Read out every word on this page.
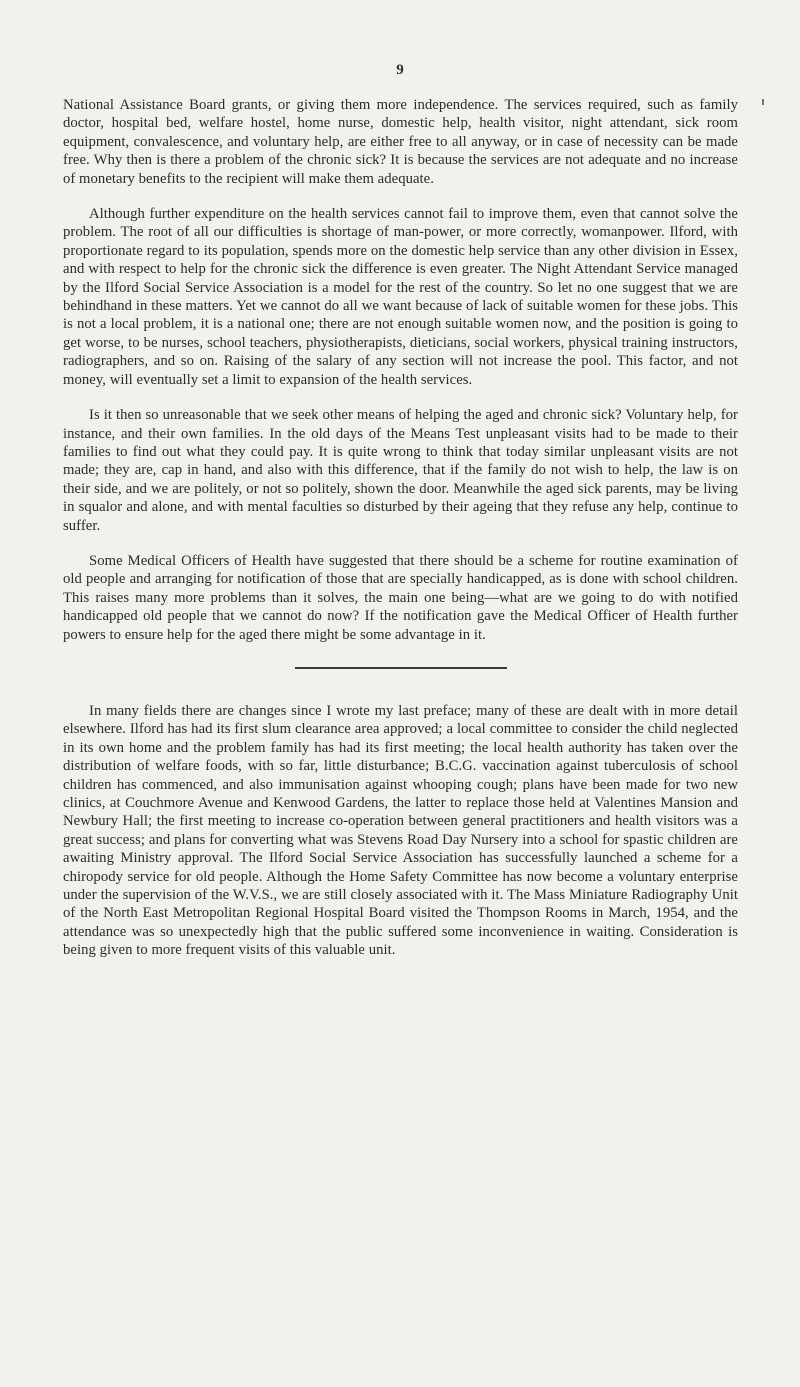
9

National Assistance Board grants, or giving them more independence. The services required, such as family doctor, hospital bed, welfare hostel, home nurse, domestic help, health visitor, night attendant, sick room equipment, convalescence, and voluntary help, are either free to all anyway, or in case of necessity can be made free. Why then is there a problem of the chronic sick? It is because the services are not adequate and no increase of monetary benefits to the recipient will make them adequate.

Although further expenditure on the health services cannot fail to improve them, even that cannot solve the problem. The root of all our difficulties is shortage of man-power, or more correctly, womanpower. Ilford, with proportionate regard to its population, spends more on the domestic help service than any other division in Essex, and with respect to help for the chronic sick the difference is even greater. The Night Attendant Service managed by the Ilford Social Service Association is a model for the rest of the country. So let no one suggest that we are behindhand in these matters. Yet we cannot do all we want because of lack of suitable women for these jobs. This is not a local problem, it is a national one; there are not enough suitable women now, and the position is going to get worse, to be nurses, school teachers, physiotherapists, dieticians, social workers, physical training instructors, radiographers, and so on. Raising of the salary of any section will not increase the pool. This factor, and not money, will eventually set a limit to expansion of the health services.

Is it then so unreasonable that we seek other means of helping the aged and chronic sick? Voluntary help, for instance, and their own families. In the old days of the Means Test unpleasant visits had to be made to their families to find out what they could pay. It is quite wrong to think that today similar unpleasant visits are not made; they are, cap in hand, and also with this difference, that if the family do not wish to help, the law is on their side, and we are politely, or not so politely, shown the door. Meanwhile the aged sick parents, may be living in squalor and alone, and with mental faculties so disturbed by their ageing that they refuse any help, continue to suffer.

Some Medical Officers of Health have suggested that there should be a scheme for routine examination of old people and arranging for notification of those that are specially handicapped, as is done with school children. This raises many more problems than it solves, the main one being—what are we going to do with notified handicapped old people that we cannot do now? If the notification gave the Medical Officer of Health further powers to ensure help for the aged there might be some advantage in it.

In many fields there are changes since I wrote my last preface; many of these are dealt with in more detail elsewhere. Ilford has had its first slum clearance area approved; a local committee to consider the child neglected in its own home and the problem family has had its first meeting; the local health authority has taken over the distribution of welfare foods, with so far, little disturbance; B.C.G. vaccination against tuberculosis of school children has commenced, and also immunisation against whooping cough; plans have been made for two new clinics, at Couchmore Avenue and Kenwood Gardens, the latter to replace those held at Valentines Mansion and Newbury Hall; the first meeting to increase co-operation between general practitioners and health visitors was a great success; and plans for converting what was Stevens Road Day Nursery into a school for spastic children are awaiting Ministry approval. The Ilford Social Service Association has successfully launched a scheme for a chiropody service for old people. Although the Home Safety Committee has now become a voluntary enterprise under the supervision of the W.V.S., we are still closely associated with it. The Mass Miniature Radiography Unit of the North East Metropolitan Regional Hospital Board visited the Thompson Rooms in March, 1954, and the attendance was so unexpectedly high that the public suffered some inconvenience in waiting. Consideration is being given to more frequent visits of this valuable unit.
